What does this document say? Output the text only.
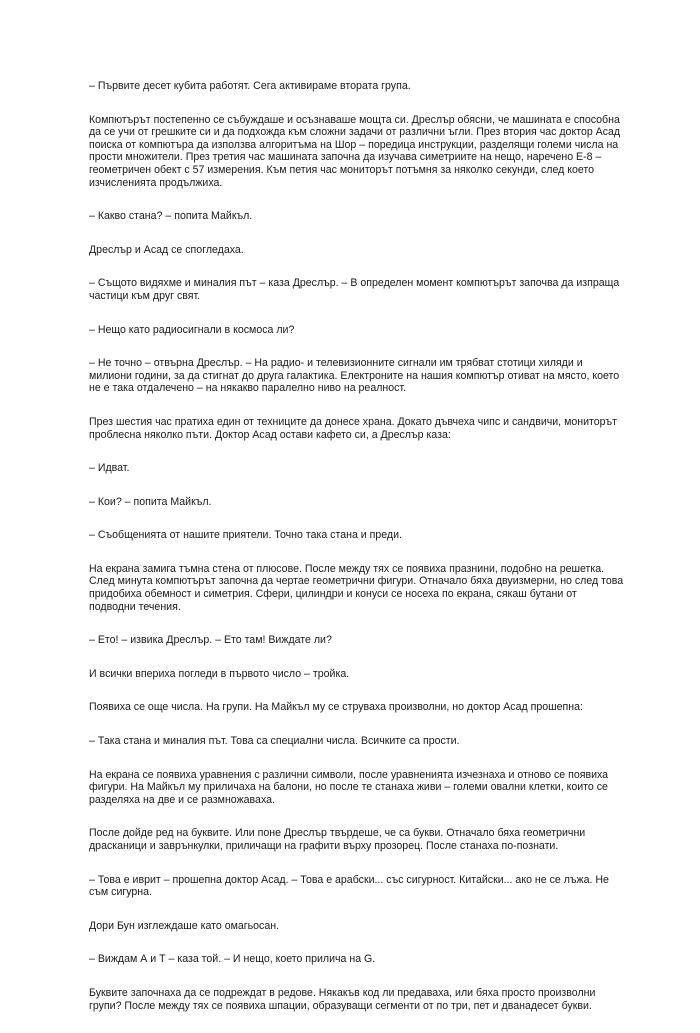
– Първите десет кубита работят. Сега активираме втората група.

Компютърът постепенно се събуждаше и осъзнаваше мощта си. Дреслър обясни, че машината е способна да се учи от грешките си и да подхожда към сложни задачи от различни ъгли. През втория час доктор Асад поиска от компютъра да използва алгоритъма на Шор – поредица инструкции, разделящи големи числа на прости множители. През третия час машината започна да изучава симетриите на нещо, наречено Е-8 – геометричен обект с 57 измерения. Към петия час мониторът потъмня за няколко секунди, след което изчисленията продължиха.

– Какво стана? – попита Майкъл.

Дреслър и Асад се спогледаха.

– Същото видяхме и миналия път – каза Дреслър. – В определен момент компютърът започва да изпраща частици към друг свят.

– Нещо като радиосигнали в космоса ли?

– Не точно – отвърна Дреслър. – На радио- и телевизионните сигнали им трябват стотици хиляди и милиони години, за да стигнат до друга галактика. Електроните на нашия компютър отиват на място, което не е така отдалечено – на някакво паралелно ниво на реалност.

През шестия час пратиха един от техниците да донесе храна. Докато дъвчеха чипс и сандвичи, мониторът проблесна няколко пъти. Доктор Асад остави кафето си, а Дреслър каза:

– Идват.

– Кои? – попита Майкъл.

– Съобщенията от нашите приятели. Точно така стана и преди.

На екрана замига тъмна стена от плюсове. После между тях се появиха празнини, подобно на решетка. След минута компютърът започна да чертае геометрични фигури. Отначало бяха двуизмерни, но след това придобиха обемност и симетрия. Сфери, цилиндри и конуси се носеха по екрана, сякаш бутани от подводни течения.

– Ето! – извика Дреслър. – Ето там! Виждате ли?

И всички вперихa погледи в първото число – тройка.

Появиха се още числа. На групи. На Майкъл му се струваха произволни, но доктор Асад прошепна:

– Така стана и миналия път. Това са специални числа. Всичките са прости.

На екрана се появиха уравнения с различни символи, после уравненията изчезнаха и отново се появиха фигури. На Майкъл му приличаха на балони, но после те станаха живи – големи овални клетки, които се разделяха на две и се размножаваха.

После дойде ред на буквите. Или поне Дреслър твърдеше, че са букви. Отначало бяха геометрични драсканици и заврънкулки, приличащи на графити върху прозорец. После станаха по-познати.

– Това е иврит – прошепна доктор Асад. – Това е арабски... със сигурност. Китайски... ако не се лъжа. Не съм сигурна.

Дори Бун изглеждаше като омагьосан.

– Виждам А и Т – каза той. – И нещо, което прилича на G.

Буквите започнаха да се подреждат в редове. Някакъв код ли предаваха, или бяха просто произволни групи? После между тях се появиха шпации, образуващи сегменти от по три, пет и дванадесет букви.
